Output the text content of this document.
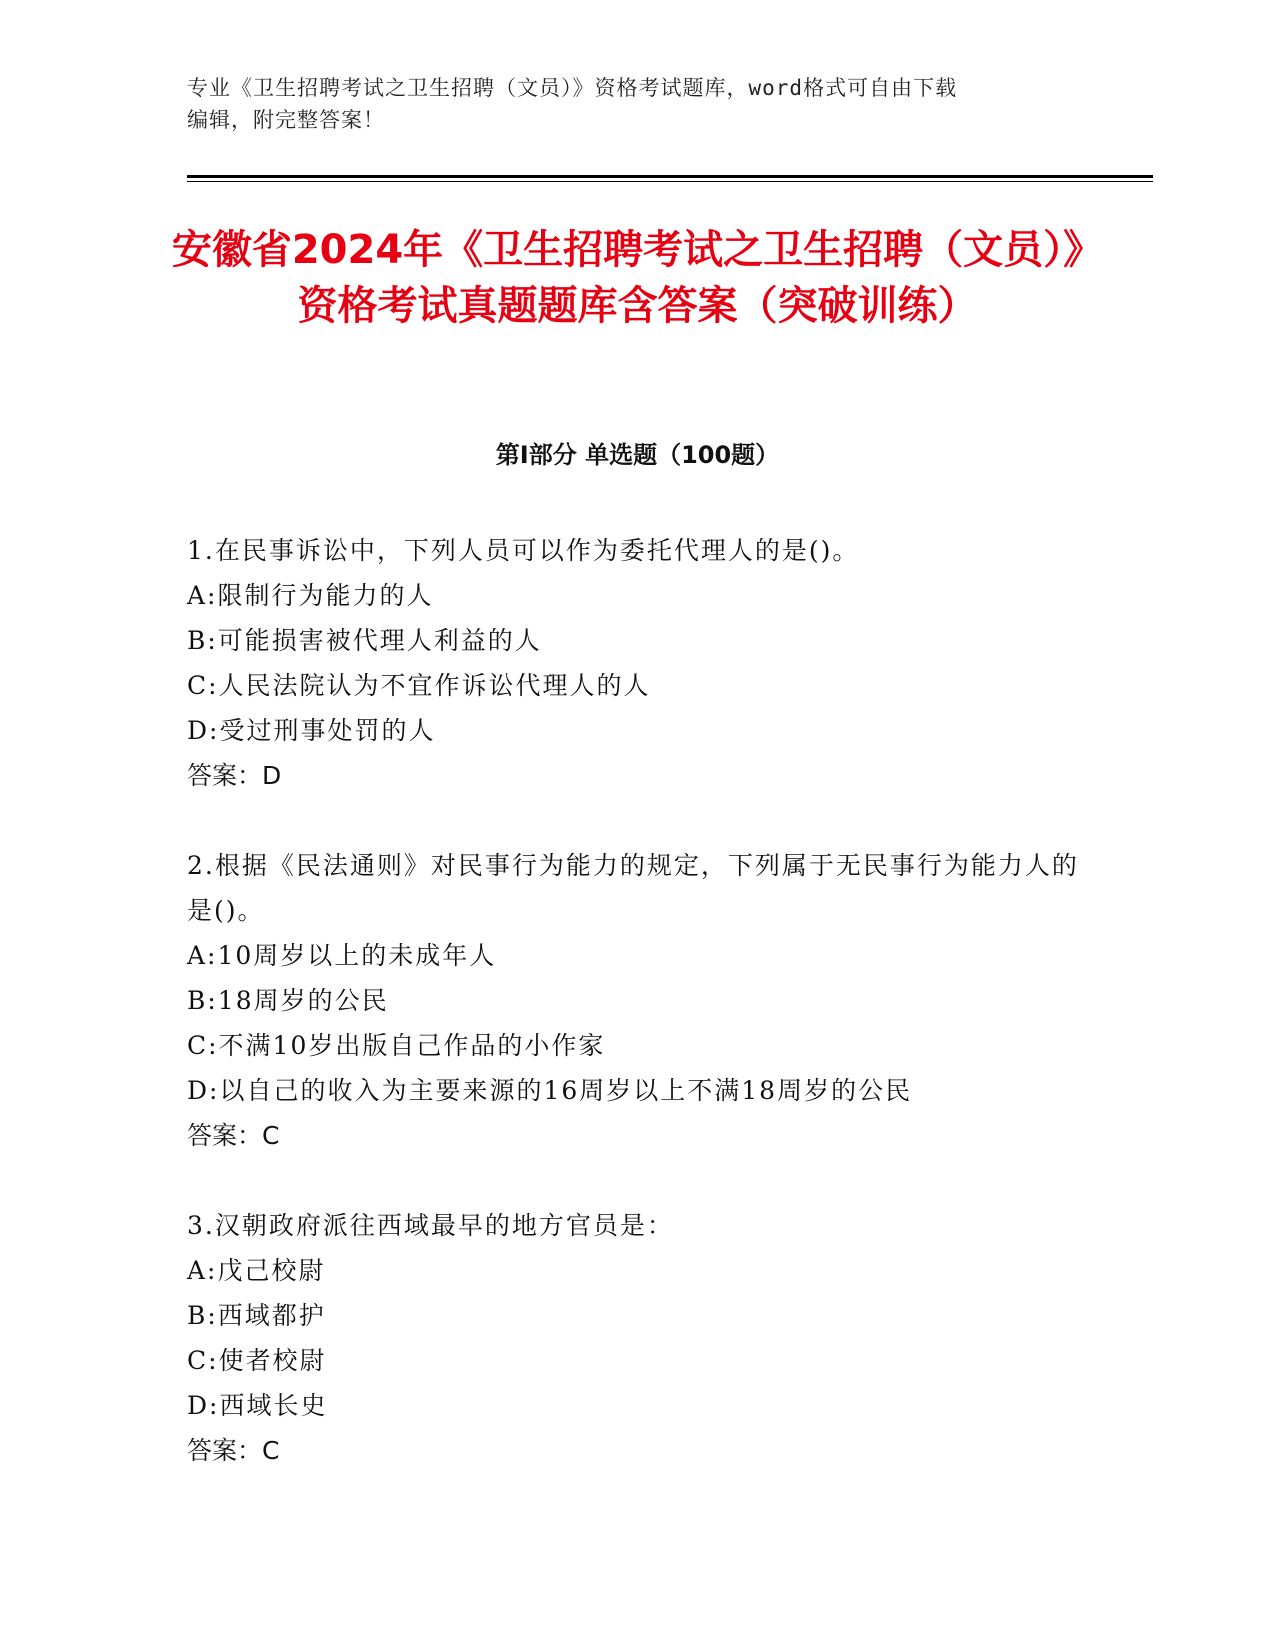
专业《卫生招聘考试之卫生招聘（文员）》资格考试题库，word格式可自由下载
编辑，附完整答案！
安徽省2024年《卫生招聘考试之卫生招聘（文员）》资格考试真题题库含答案（突破训练）
第Ⅰ部分 单选题（100题）
1.在民事诉讼中，下列人员可以作为委托代理人的是()。
A:限制行为能力的人
B:可能损害被代理人利益的人
C:人民法院认为不宜作诉讼代理人的人
D:受过刑事处罚的人
答案：D
2.根据《民法通则》对民事行为能力的规定，下列属于无民事行为能力人的是()。
A:10周岁以上的未成年人
B:18周岁的公民
C:不满10岁出版自己作品的小作家
D:以自己的收入为主要来源的16周岁以上不满18周岁的公民
答案：C
3.汉朝政府派往西域最早的地方官员是：
A:戊己校尉
B:西域都护
C:使者校尉
D:西域长史
答案：C
